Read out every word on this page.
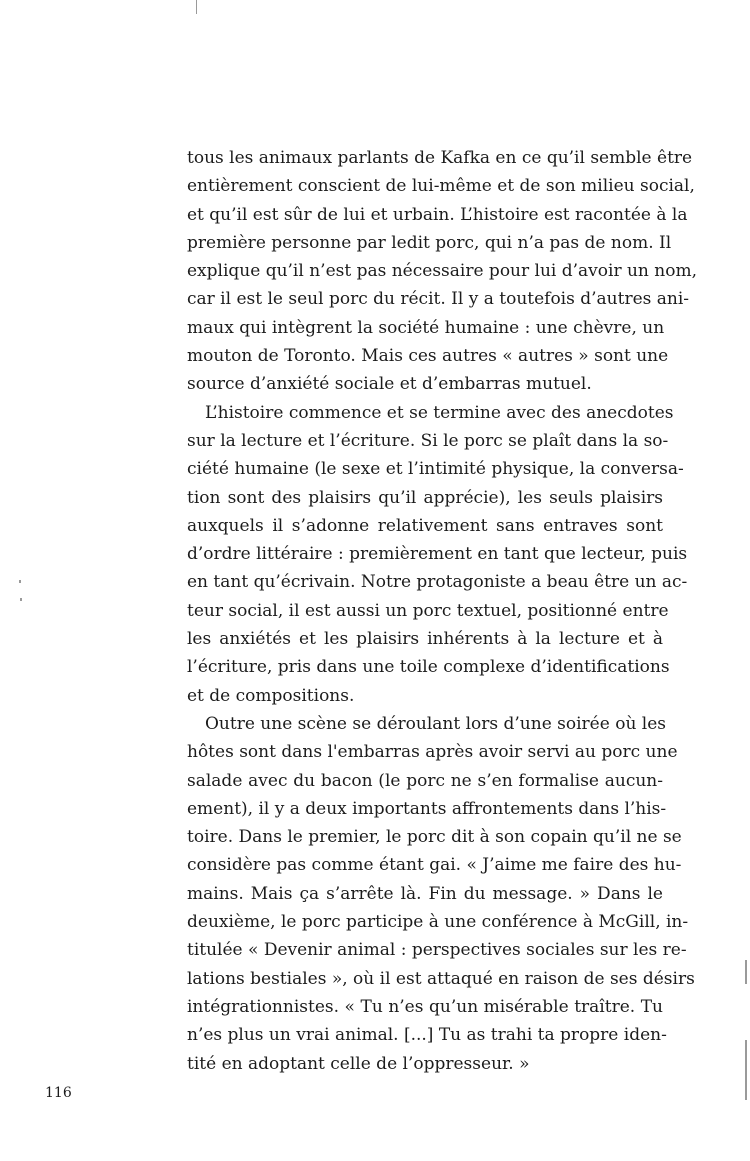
tous les animaux parlants de Kafka en ce qu’il semble être
entièrement conscient de lui-même et de son milieu social,
et qu’il est sûr de lui et urbain. L’histoire est racontée à la
première personne par ledit porc, qui n’a pas de nom. Il
explique qu’il n’est pas nécessaire pour lui d’avoir un nom,
car il est le seul porc du récit. Il y a toutefois d’autres ani-
maux qui intègrent la société humaine : une chèvre, un
mouton de Toronto. Mais ces autres « autres » sont une
source d’anxiété sociale et d’embarras mutuel.
L’histoire commence et se termine avec des anecdotes
sur la lecture et l’écriture. Si le porc se plaît dans la so-
ciété humaine (le sexe et l’intimité physique, la conversa-
tion sont des plaisirs qu’il apprécie), les seuls plaisirs
auxquels il s’adonne relativement sans entraves sont
d’ordre littéraire : premièrement en tant que lecteur, puis
en tant qu’écrivain. Notre protagoniste a beau être un ac-
teur social, il est aussi un porc textuel, positionné entre
les anxiétés et les plaisirs inhérents à la lecture et à
l’écriture, pris dans une toile complexe d’identifications
et de compositions.
Outre une scène se déroulant lors d’une soirée où les
hôtes sont dans l'embarras après avoir servi au porc une
salade avec du bacon (le porc ne s’en formalise aucun-
ement), il y a deux importants affrontements dans l’his-
toire. Dans le premier, le porc dit à son copain qu’il ne se
considère pas comme étant gai. « J’aime me faire des hu-
mains. Mais ça s’arrête là. Fin du message. » Dans le
deuxième, le porc participe à une conférence à McGill, in-
titulée « Devenir animal : perspectives sociales sur les re-
lations bestiales », où il est attaqué en raison de ses désirs
intégrationnistes. « Tu n’es qu’un misérable traître. Tu
n’es plus un vrai animal. [...] Tu as trahi ta propre iden-
tité en adoptant celle de l’oppresseur. »
116
